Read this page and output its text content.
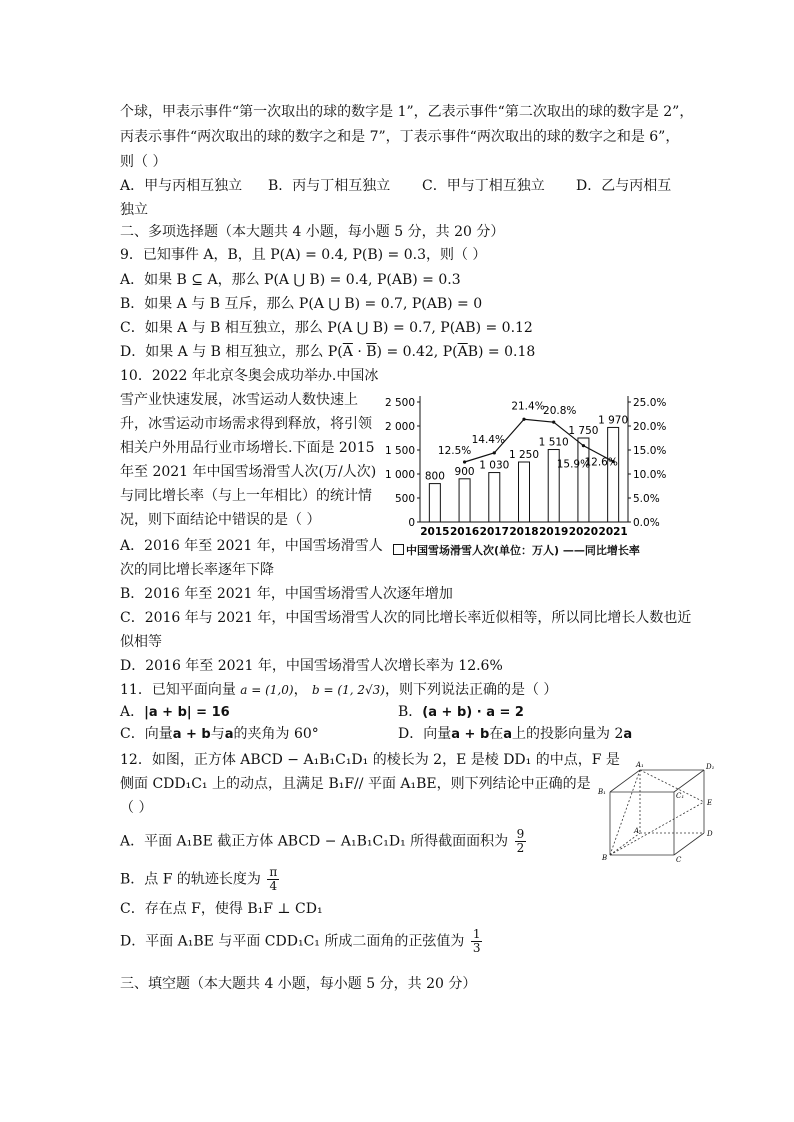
个球，甲表示事件“第一次取出的球的数字是 1”，乙表示事件“第二次取出的球的数字是 2”，
丙表示事件“两次取出的球的数字之和是 7”，丁表示事件“两次取出的球的数字之和是 6”，
则（ ）
A．甲与丙相互独立 B．丙与丁相互独立 C．甲与丁相互独立 D．乙与丙相互
独立
二、多项选择题（本大题共 4 小题，每小题 5 分，共 20 分）
9．已知事件 A，B，且 P(A) = 0.4, P(B) = 0.3，则（ ）
A．如果 B ⊆ A，那么 P(A ⋃ B) = 0.4, P(AB) = 0.3
B．如果 A 与 B 互斥，那么 P(A ⋃ B) = 0.7, P(AB) = 0
C．如果 A 与 B 相互独立，那么 P(A ⋃ B) = 0.7, P(AB) = 0.12
D．如果 A 与 B 相互独立，那么 $P(\overline{A} \cdot \overline{B}) = 0.42$, $P(\overline{A}B) = 0.18$
10．2022 年北京冬奥会成功举办.中国冰
雪产业快速发展，冰雪运动人数快速上
升，冰雪运动市场需求得到释放，将引领
相关户外用品行业市场增长.下面是 2015
年至 2021 年中国雪场滑雪人次(万/人次)
与同比增长率（与上一年相比）的统计情
况，则下面结论中错误的是（ ）
A．2016 年至 2021 年，中国雪场滑雪人
次的同比增长率逐年下降
B．2016 年至 2021 年，中国雪场滑雪人次逐年增加
C．2016 年与 2021 年，中国雪场滑雪人次的同比增长率近似相等，所以同比增长人数也近
似相等
D．2016 年至 2021 年，中国雪场滑雪人次增长率为 12.6%
0
500
1 000
1 500
2 000
2 500
0.0%
5.0%
10.0%
15.0%
20.0%
25.0%
800
2015
900
2016
1 030
2017
1 250
2018
1 510
2019
1 750
2020
1 970
2021
12.5%
14.4%
21.4%
20.8%
15.9%
12.6%
中国雪场滑雪人次(单位：万人) ——同比增长率
11．已知平面向量 a = (1,0)， b = (1, 2√3)，则下列说法正确的是（ ）
A．|a + b| = 16	B．(a + b) · a = 2
C．向量a + b与a的夹角为 60°	D．向量a + b在a上的投影向量为 2a
12．如图，正方体 ABCD − A₁B₁C₁D₁ 的棱长为 2，E 是棱 DD₁ 的中点，F 是
侧面 CDD₁C₁ 上的动点，且满足 B₁F// 平面 A₁BE，则下列结论中正确的是
（ ）
A．平面 A₁BE 截正方体 ABCD − A₁B₁C₁D₁ 所得截面面积为 $\frac{9}{2}$
B．点 F 的轨迹长度为 $\frac{\pi}{4}$
C．存在点 F，使得 B₁F ⊥ CD₁
D．平面 A₁BE 与平面 CDD₁C₁ 所成二面角的正弦值为 $\frac{1}{3}$
A₁	D₁
B₁	C₁
E
A	D
B	C
三、填空题（本大题共 4 小题，每小题 5 分，共 20 分）
